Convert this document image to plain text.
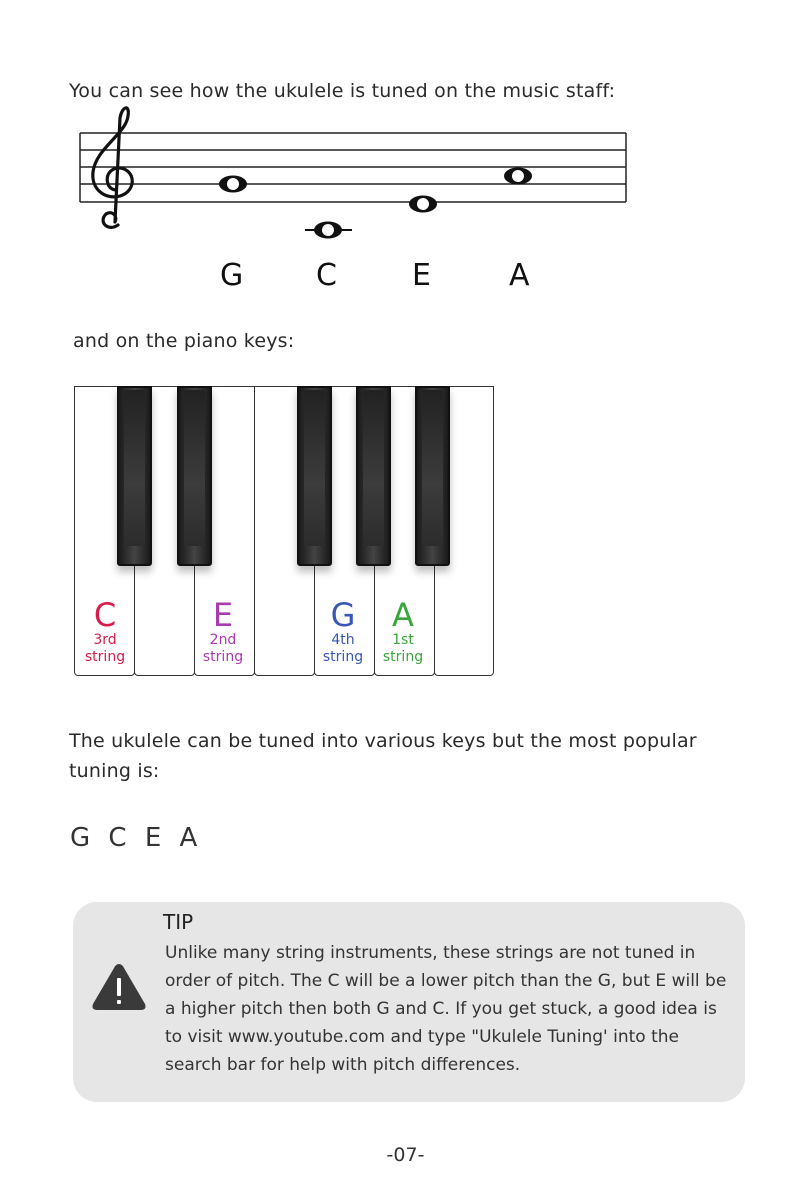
You can see how the ukulele is tuned on the music staff:

G C	E	A

and on the piano keys:

C
3rd
string
E
2nd
string
G
4th
string
A
1st
string

The ukulele can be tuned into various keys but the most popular tuning is:

G C E A

TIP

Unlike many string instruments, these strings are not tuned in order of pitch. The C will be a lower pitch than the G, but E will be a higher pitch then both G and C. If you get stuck, a good idea is to visit www.youtube.com and type "Ukulele Tuning' into the search bar for help with pitch differences.

-07-
